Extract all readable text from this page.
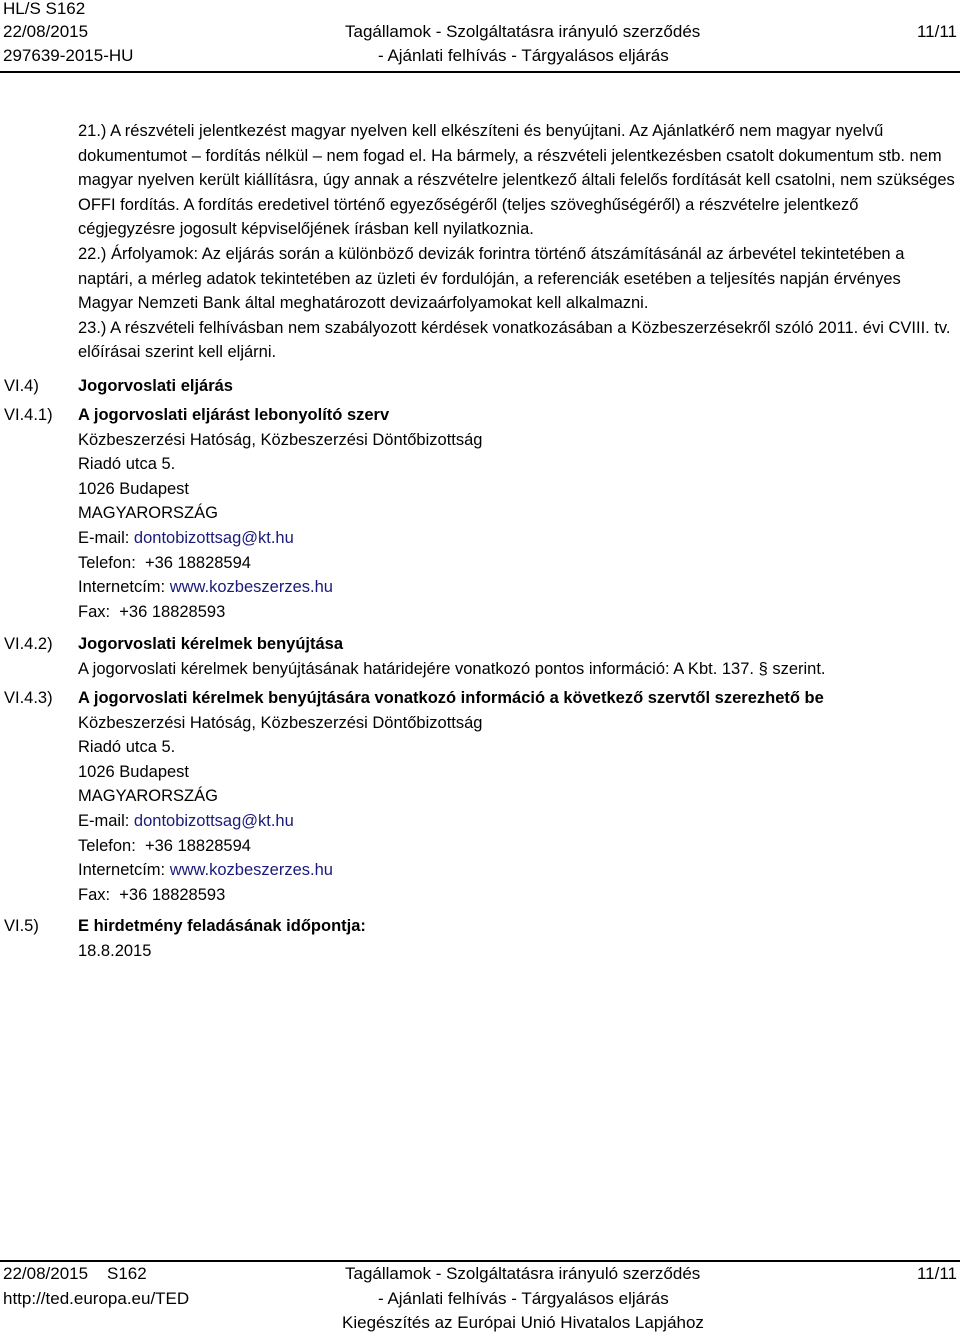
HL/S S162
22/08/2015
297639-2015-HU
Tagállamok - Szolgáltatásra irányuló szerződés
- Ajánlati felhívás - Tárgyalásos eljárás
11/11
VI.4)
VI.4.1)
VI.4.2)
VI.4.3)
VI.5)

21.) A részvételi jelentkezést magyar nyelven kell elkészíteni és benyújtani. Az Ajánlatkérő nem magyar nyelvű dokumentumot – fordítás nélkül – nem fogad el. Ha bármely, a részvételi jelentkezésben csatolt dokumentum stb. nem magyar nyelven került kiállításra, úgy annak a részvételre jelentkező általi felelős fordítását kell csatolni, nem szükséges OFFI fordítás. A fordítás eredetivel történő egyezőségéről (teljes szöveghűségéről) a részvételre jelentkező cégjegyzésre jogosult képviselőjének írásban kell nyilatkoznia.

22.) Árfolyamok: Az eljárás során a különböző devizák forintra történő átszámításánál az árbevétel tekintetében a naptári, a mérleg adatok tekintetében az üzleti év fordulóján, a referenciák esetében a teljesítés napján érvényes Magyar Nemzeti Bank által meghatározott devizaárfolyamokat kell alkalmazni.

23.) A részvételi felhívásban nem szabályozott kérdések vonatkozásában a Közbeszerzésekről szóló 2011. évi CVIII. tv. előírásai szerint kell eljárni.

Jogorvoslati eljárás

A jogorvoslati eljárást lebonyolító szerv

Közbeszerzési Hatóság, Közbeszerzési Döntőbizottság

Riadó utca 5.

1026 Budapest

MAGYARORSZÁG

E-mail: dontobizottsag@kt.hu

Telefon:  +36 18828594

Internetcím: www.kozbeszerzes.hu

Fax:  +36 18828593

Jogorvoslati kérelmek benyújtása

A jogorvoslati kérelmek benyújtásának határidejére vonatkozó pontos információ: A Kbt. 137. § szerint.

A jogorvoslati kérelmek benyújtására vonatkozó információ a következő szervtől szerezhető be

Közbeszerzési Hatóság, Közbeszerzési Döntőbizottság

Riadó utca 5.

1026 Budapest

MAGYARORSZÁG

E-mail: dontobizottsag@kt.hu

Telefon:  +36 18828594

Internetcím: www.kozbeszerzes.hu

Fax:  +36 18828593

E hirdetmény feladásának időpontja:

18.8.2015

22/08/2015    S162
http://ted.europa.eu/TED
Tagállamok - Szolgáltatásra irányuló szerződés
- Ajánlati felhívás - Tárgyalásos eljárás
Kiegészítés az Európai Unió Hivatalos Lapjához
11/11
